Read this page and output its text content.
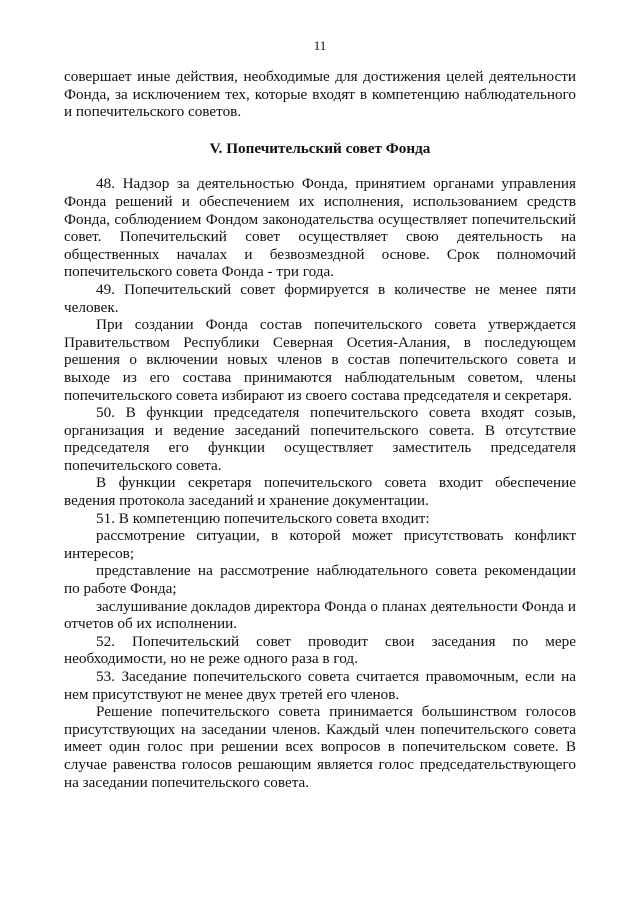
11

совершает иные действия, необходимые для достижения целей деятельности Фонда, за исключением тех, которые входят в компетенцию наблюдательного и попечительского советов.

V. Попечительский совет Фонда

48. Надзор за деятельностью Фонда, принятием органами управления Фонда решений и обеспечением их исполнения, использованием средств Фонда, соблюдением Фондом законодательства осуществляет попечительский совет. Попечительский совет осуществляет свою деятельность на общественных началах и безвозмездной основе. Срок полномочий попечительского совета Фонда - три года.

49. Попечительский совет формируется в количестве не менее пяти человек.

При создании Фонда состав попечительского совета утверждается Правительством Республики Северная Осетия-Алания, в последующем решения о включении новых членов в состав попечительского совета и выходе из его состава принимаются наблюдательным советом, члены попечительского совета избирают из своего состава председателя и секретаря.

50. В функции председателя попечительского совета входят созыв, организация и ведение заседаний попечительского совета. В отсутствие председателя его функции осуществляет заместитель председателя попечительского совета.

В функции секретаря попечительского совета входит обеспечение ведения протокола заседаний и хранение документации.

51. В компетенцию попечительского совета входит:

рассмотрение ситуации, в которой может присутствовать конфликт интересов;

представление на рассмотрение наблюдательного совета рекомендации по работе Фонда;

заслушивание докладов директора Фонда о планах деятельности Фонда и отчетов об их исполнении.

52. Попечительский совет проводит свои заседания по мере необходимости, но не реже одного раза в год.

53. Заседание попечительского совета считается правомочным, если на нем присутствуют не менее двух третей его членов.

Решение попечительского совета принимается большинством голосов присутствующих на заседании членов. Каждый член попечительского совета имеет один голос при решении всех вопросов в попечительском совете. В случае равенства голосов решающим является голос председательствующего на заседании попечительского совета.
